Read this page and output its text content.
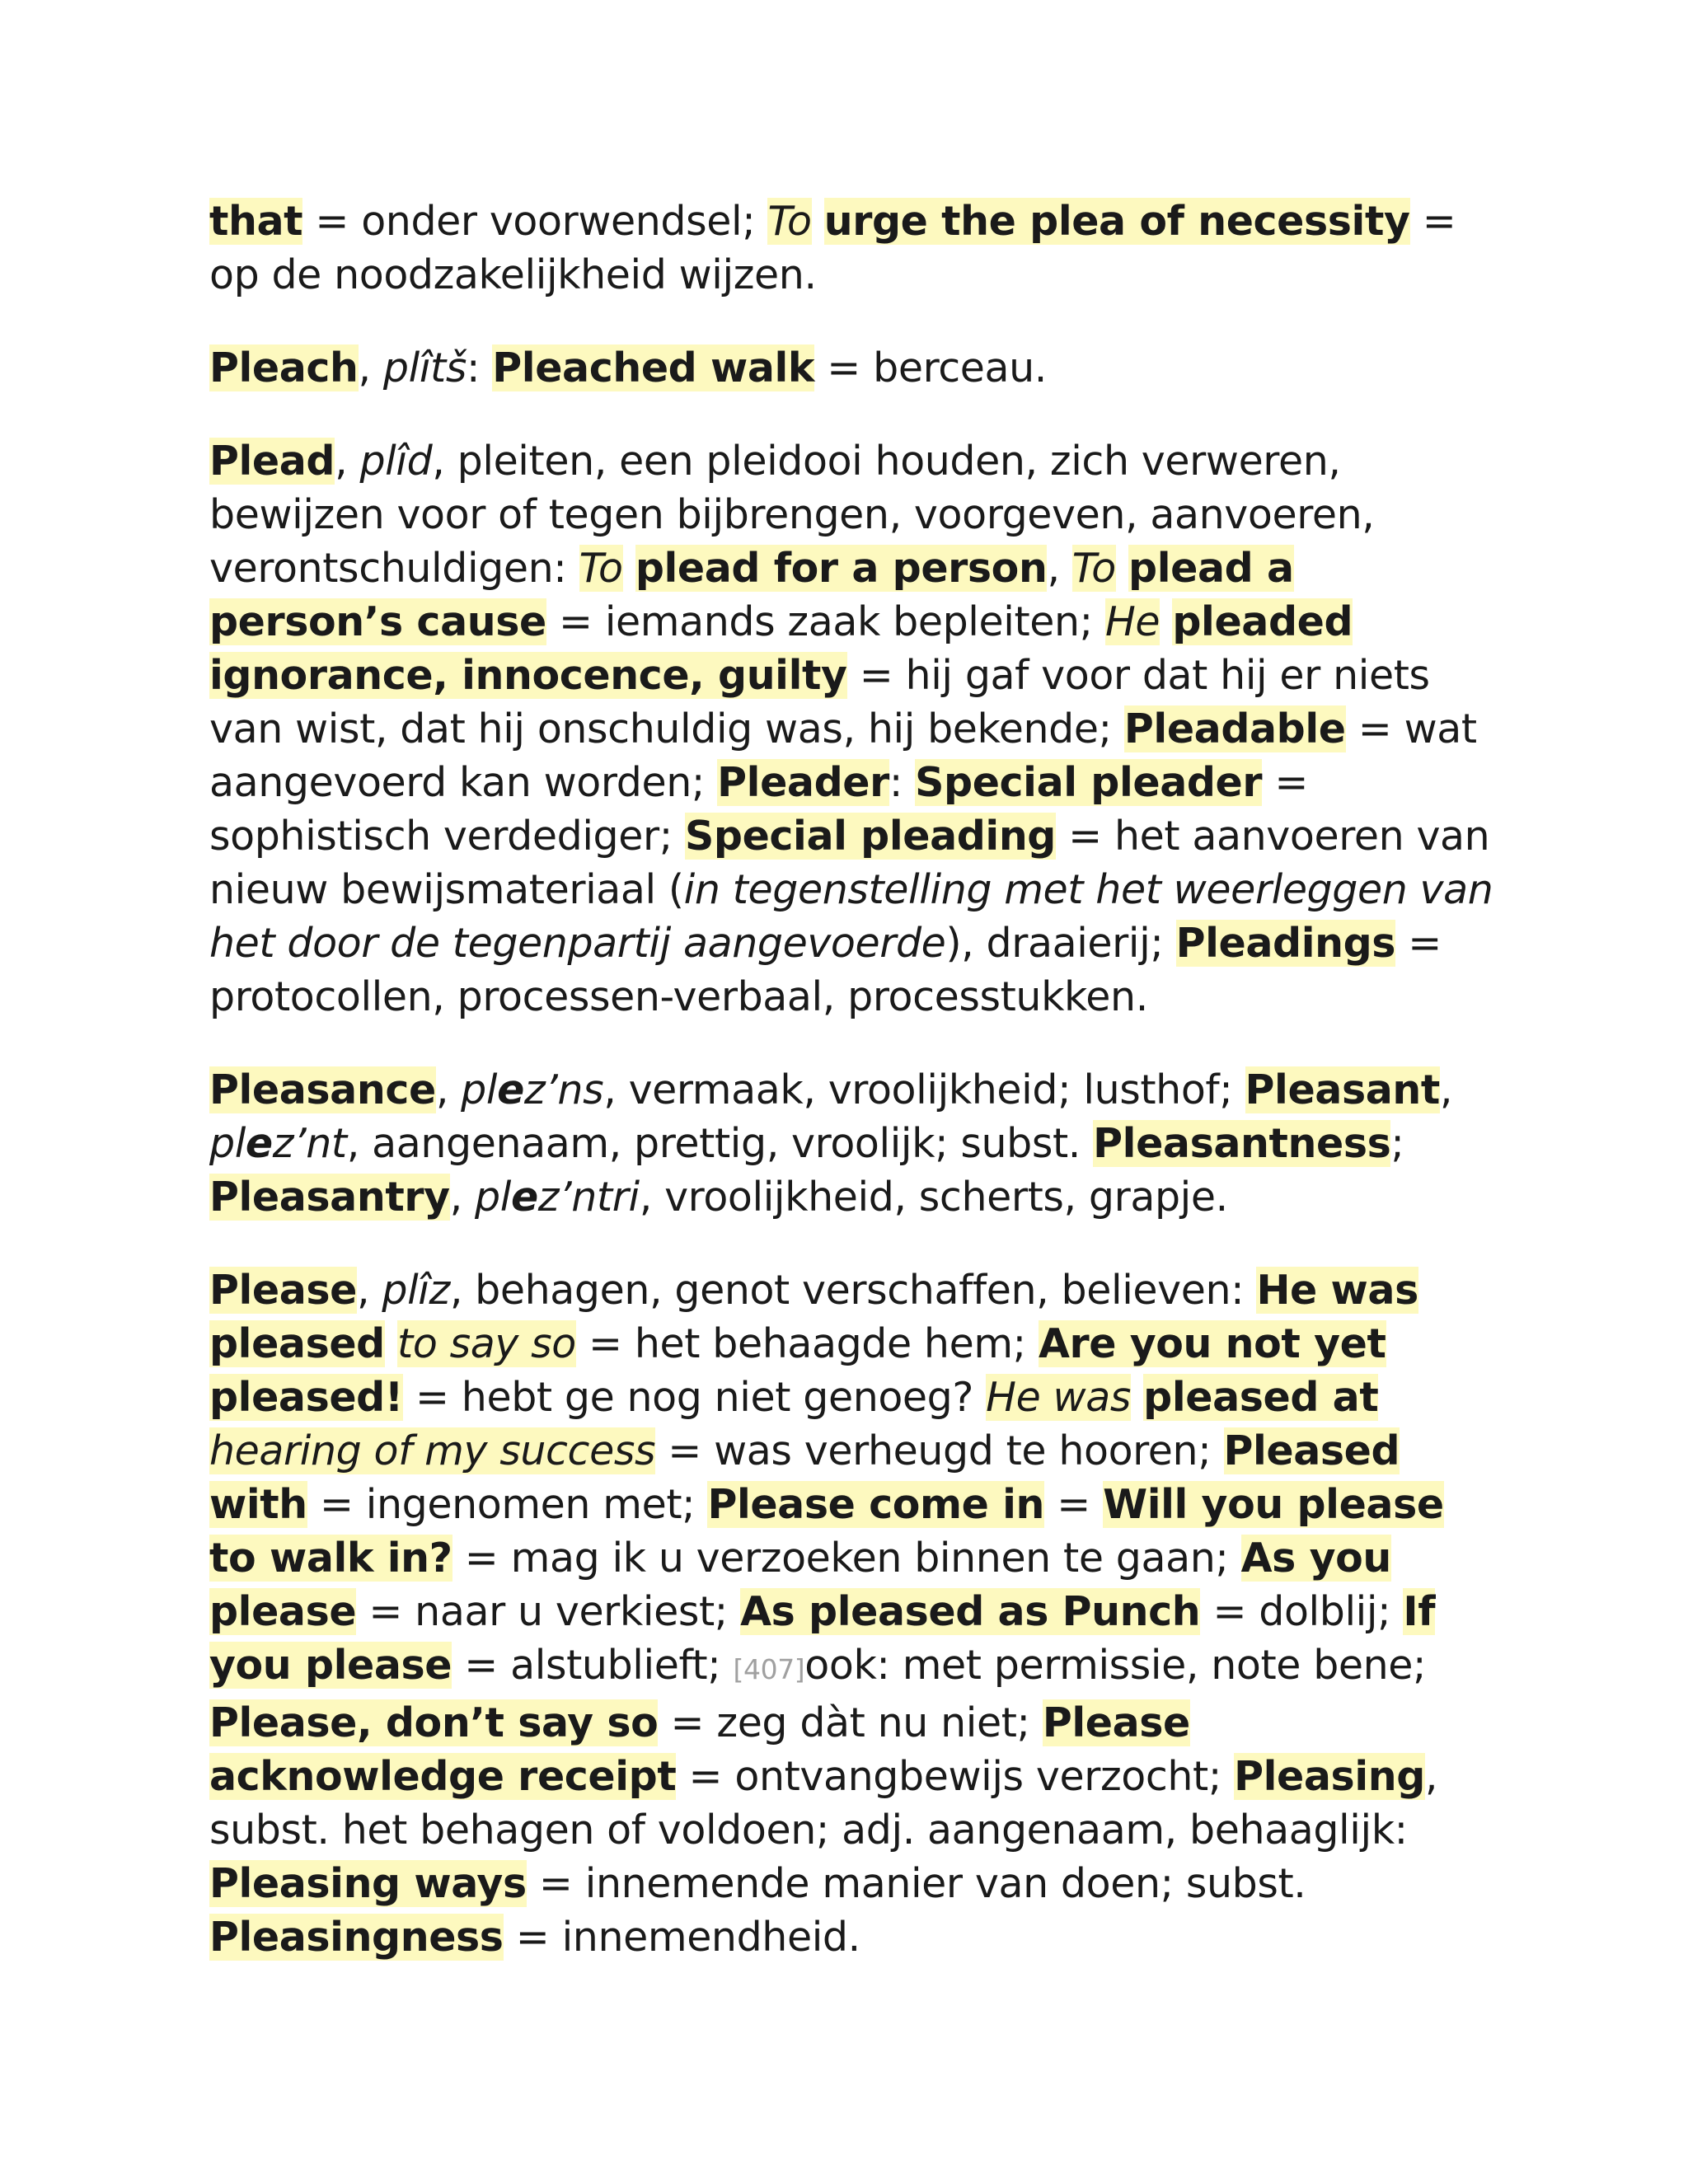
that = onder voorwendsel; To urge the plea of necessity = op de noodzakelijkheid wijzen.

Pleach, plîtš: Pleached walk = berceau.

Plead, plîd, pleiten, een pleidooi houden, zich verweren, bewijzen voor of tegen bijbrengen, voorgeven, aanvoeren, verontschuldigen: To plead for a person, To plead a person’s cause = iemands zaak bepleiten; He pleaded ignorance, innocence, guilty = hij gaf voor dat hij er niets van wist, dat hij onschuldig was, hij bekende; Pleadable = wat aangevoerd kan worden; Pleader: Special pleader = sophistisch verdediger; Special pleading = het aanvoeren van nieuw bewijsmateriaal (in tegenstelling met het weerleggen van het door de tegenpartij aangevoerde), draaierij; Pleadings = protocollen, processen-verbaal, processtukken.

Pleasance, plez’ns, vermaak, vroolijkheid; lusthof; Pleasant, plez’nt, aangenaam, prettig, vroolijk; subst. Pleasantness; Pleasantry, plez’ntri, vroolijkheid, scherts, grapje.

Please, plîz, behagen, genot verschaffen, believen: He was pleased to say so = het behaagde hem; Are you not yet pleased! = hebt ge nog niet genoeg? He was pleased at hearing of my success = was verheugd te hooren; Pleased with = ingenomen met; Please come in = Will you please to walk in? = mag ik u verzoeken binnen te gaan; As you please = naar u verkiest; As pleased as Punch = dolblij; If you please = alstublieft; [407]ook: met permissie, note bene; Please, don’t say so = zeg dàt nu niet; Please acknowledge receipt = ontvangbewijs verzocht; Pleasing, subst. het behagen of voldoen; adj. aangenaam, behaaglijk: Pleasing ways = innemende manier van doen; subst. Pleasingness = innemendheid.
